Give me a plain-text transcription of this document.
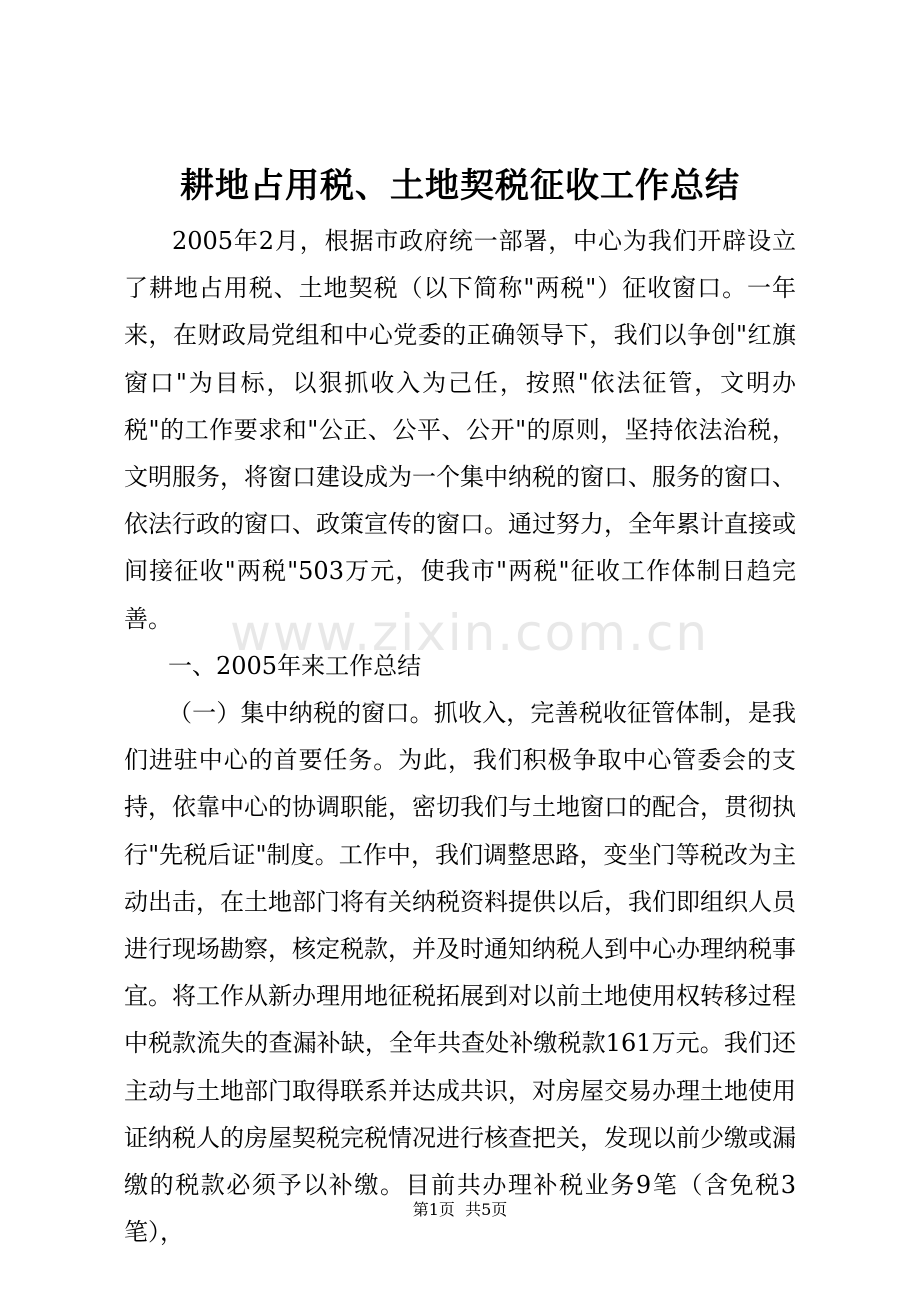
耕地占用税、土地契税征收工作总结

2005年2月，根据市政府统一部署，中心为我们开辟设立了耕地占用税、土地契税（以下简称"两税"）征收窗口。一年来，在财政局党组和中心党委的正确领导下，我们以争创"红旗窗口"为目标，以狠抓收入为己任，按照"依法征管，文明办税"的工作要求和"公正、公平、公开"的原则，坚持依法治税，文明服务，将窗口建设成为一个集中纳税的窗口、服务的窗口、依法行政的窗口、政策宣传的窗口。通过努力，全年累计直接或间接征收"两税"503万元，使我市"两税"征收工作体制日趋完善。

一、2005年来工作总结

（一）集中纳税的窗口。抓收入，完善税收征管体制，是我们进驻中心的首要任务。为此，我们积极争取中心管委会的支持，依靠中心的协调职能，密切我们与土地窗口的配合，贯彻执行"先税后证"制度。工作中，我们调整思路，变坐门等税改为主动出击，在土地部门将有关纳税资料提供以后，我们即组织人员进行现场勘察，核定税款，并及时通知纳税人到中心办理纳税事宜。将工作从新办理用地征税拓展到对以前土地使用权转移过程中税款流失的查漏补缺，全年共查处补缴税款161万元。我们还主动与土地部门取得联系并达成共识，对房屋交易办理土地使用证纳税人的房屋契税完税情况进行核查把关，发现以前少缴或漏缴的税款必须予以补缴。目前共办理补税业务9笔（含免税3笔），

www.zixin.com.cn
第1页 共5页
